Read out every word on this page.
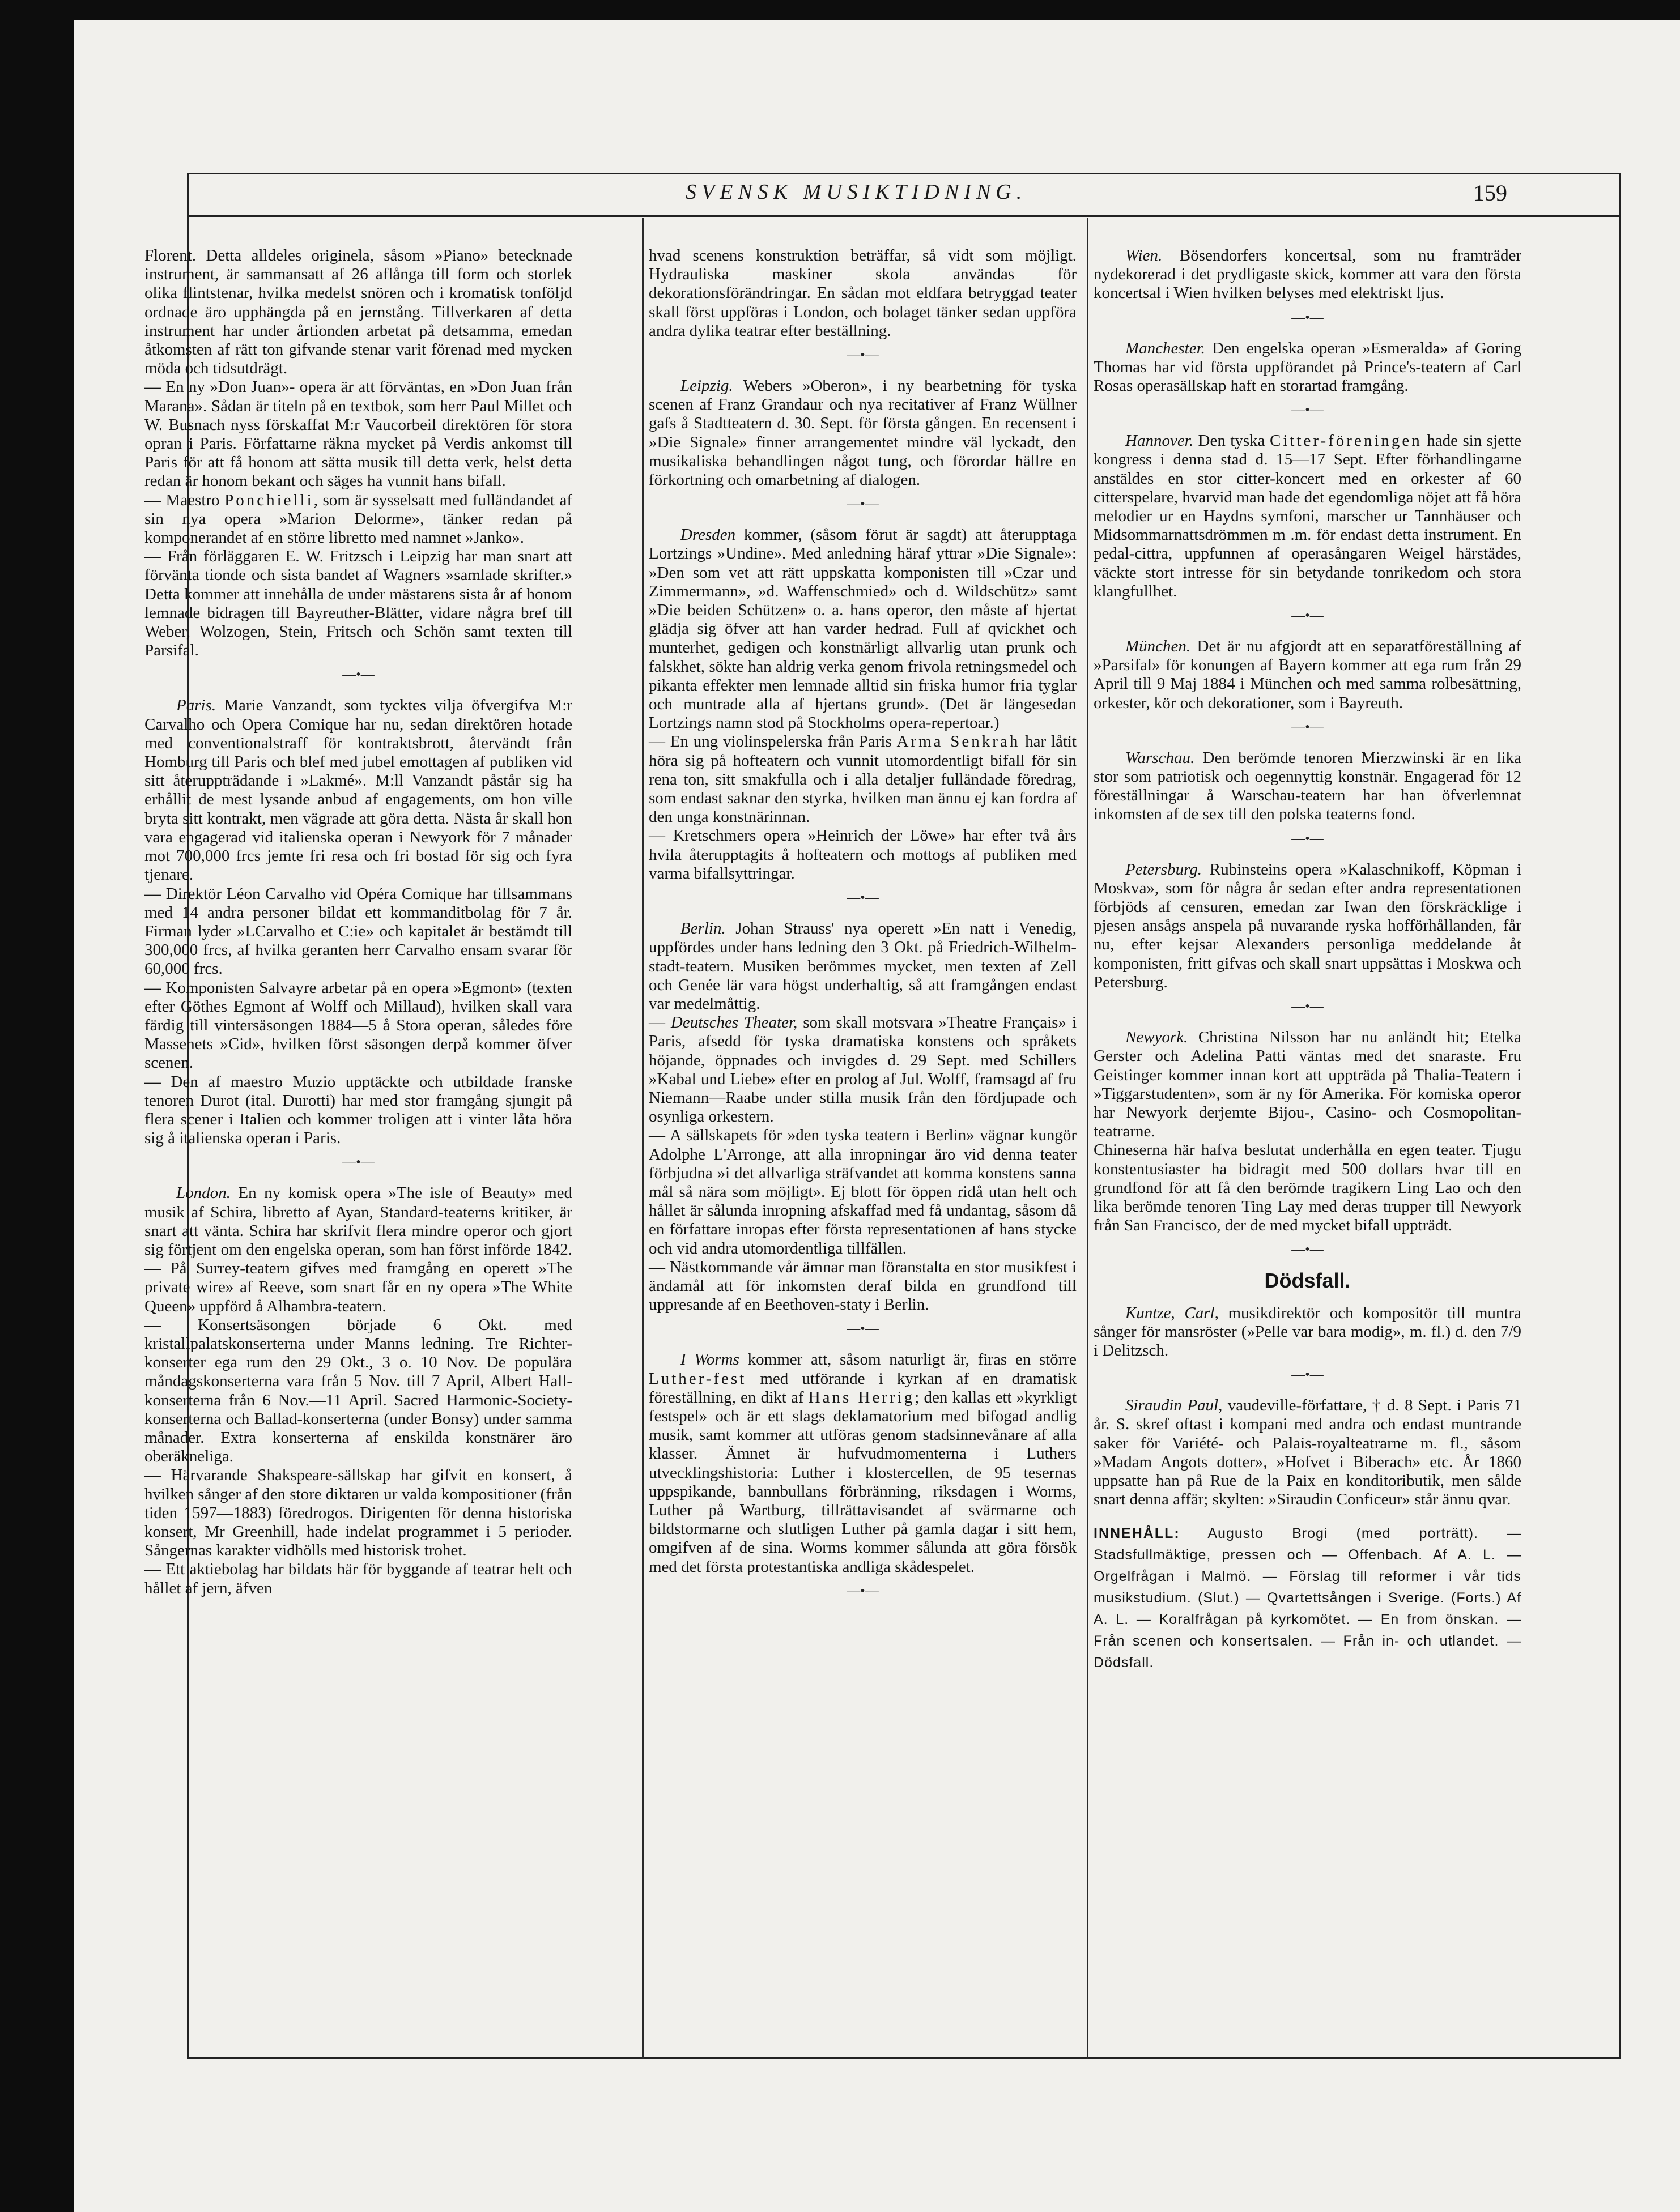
SVENSK MUSIKTIDNING.	159

Florent. Detta alldeles originela, såsom »Piano» betecknade instrument, är sammansatt af 26 aflånga till form och storlek olika flintstenar, hvilka medelst snören och i kromatisk tonföljd ordnade äro upphängda på en jernstång. Tillverkaren af detta instrument har under årtionden arbetat på detsamma, emedan åtkomsten af rätt ton gifvande stenar varit förenad med mycken möda och tidsutdrägt.

— En ny »Don Juan»- opera är att förväntas, en »Don Juan från Marana». Sådan är titeln på en textbok, som herr Paul Millet och W. Busnach nyss förskaffat M:r Vaucorbeil direktören för stora opran i Paris. Författarne räkna mycket på Verdis ankomst till Paris för att få honom att sätta musik till detta verk, helst detta redan är honom bekant och säges ha vunnit hans bifall.

— Maestro Ponchielli, som är sysselsatt med fulländandet af sin nya opera »Marion Delorme», tänker redan på komponerandet af en större libretto med namnet »Janko».

— Från förläggaren E. W. Fritzsch i Leipzig har man snart att förvänta tionde och sista bandet af Wagners »samlade skrifter.» Detta kommer att innehålla de under mästarens sista år af honom lemnade bidragen till Bayreuther-Blätter, vidare några bref till Weber, Wolzogen, Stein, Fritsch och Schön samt texten till Parsifal.

—•—

Paris. Marie Vanzandt, som tycktes vilja öfvergifva M:r Carvalho och Opera Comique har nu, sedan direktören hotade med conventionalstraff för kontraktsbrott, återvändt från Homburg till Paris och blef med jubel emottagen af publiken vid sitt återuppträdande i »Lakmé». M:ll Vanzandt påstår sig ha erhållit de mest lysande anbud af engagements, om hon ville bryta sitt kontrakt, men vägrade att göra detta. Nästa år skall hon vara engagerad vid italienska operan i Newyork för 7 månader mot 700,000 frcs jemte fri resa och fri bostad för sig och fyra tjenare.

— Direktör Léon Carvalho vid Opéra Comique har tillsammans med 14 andra personer bildat ett kommanditbolag för 7 år. Firman lyder »LCarvalho et C:ie» och kapitalet är bestämdt till 300,000 frcs, af hvilka geranten herr Carvalho ensam svarar för 60,000 frcs.

— Komponisten Salvayre arbetar på en opera »Egmont» (texten efter Göthes Egmont af Wolff och Millaud), hvilken skall vara färdig till vintersäsongen 1884—5 å Stora operan, således före Massenets »Cid», hvilken först säsongen derpå kommer öfver scenen.

— Den af maestro Muzio upptäckte och utbildade franske tenoren Durot (ital. Durotti) har med stor framgång sjungit på flera scener i Italien och kommer troligen att i vinter låta höra sig å italienska operan i Paris.

—•—

London. En ny komisk opera »The isle of Beauty» med musik af Schira, libretto af Ayan, Standard-teaterns kritiker, är snart att vänta. Schira har skrifvit flera mindre operor och gjort sig förtjent om den engelska operan, som han först införde 1842. — På Surrey-teatern gifves med framgång en operett »The private wire» af Reeve, som snart får en ny opera »The White Queen» uppförd å Alhambra-teatern.

— Konsertsäsongen började 6 Okt. med kristallpalatskonserterna under Manns ledning. Tre Richter-konserter ega rum den 29 Okt., 3 o. 10 Nov. De populära måndagskonserterna vara från 5 Nov. till 7 April, Albert Hall-konserterna från 6 Nov.—11 April. Sacred Harmonic-Society-konserterna och Ballad-konserterna (under Bonsy) under samma månader. Extra konserterna af enskilda konstnärer äro oberäkneliga.

— Härvarande Shakspeare-sällskap har gifvit en konsert, å hvilken sånger af den store diktaren ur valda kompositioner (från tiden 1597—1883) föredrogos. Dirigenten för denna historiska konsert, Mr Greenhill, hade indelat programmet i 5 perioder. Sångernas karakter vidhölls med historisk trohet.

— Ett aktiebolag har bildats här för byggande af teatrar helt och hållet af jern, äfven

hvad scenens konstruktion beträffar, så vidt som möjligt. Hydrauliska maskiner skola användas för dekorationsförändringar. En sådan mot eldfara betryggad teater skall först uppföras i London, och bolaget tänker sedan uppföra andra dylika teatrar efter beställning.

—•—

Leipzig. Webers »Oberon», i ny bearbetning för tyska scenen af Franz Grandaur och nya recitativer af Franz Wüllner gafs å Stadtteatern d. 30. Sept. för första gången. En recensent i »Die Signale» finner arrangementet mindre väl lyckadt, den musikaliska behandlingen något tung, och förordar hällre en förkortning och omarbetning af dialogen.

—•—

Dresden kommer, (såsom förut är sagdt) att återupptaga Lortzings »Undine». Med anledning häraf yttrar »Die Signale»: »Den som vet att rätt uppskatta komponisten till »Czar und Zimmermann», »d. Waffenschmied» och d. Wildschütz» samt »Die beiden Schützen» o. a. hans operor, den måste af hjertat glädja sig öfver att han varder hedrad. Full af qvickhet och munterhet, gedigen och konstnärligt allvarlig utan prunk och falskhet, sökte han aldrig verka genom frivola retningsmedel och pikanta effekter men lemnade alltid sin friska humor fria tyglar och muntrade alla af hjertans grund». (Det är längesedan Lortzings namn stod på Stockholms opera-repertoar.)

— En ung violinspelerska från Paris Arma Senkrah har låtit höra sig på hofteatern och vunnit utomordentligt bifall för sin rena ton, sitt smakfulla och i alla detaljer fulländade föredrag, som endast saknar den styrka, hvilken man ännu ej kan fordra af den unga konstnärinnan.

— Kretschmers opera »Heinrich der Löwe» har efter två års hvila återupptagits å hofteatern och mottogs af publiken med varma bifallsyttringar.

—•—

Berlin. Johan Strauss' nya operett »En natt i Venedig, uppfördes under hans ledning den 3 Okt. på Friedrich-Wilhelm-stadt-teatern. Musiken berömmes mycket, men texten af Zell och Genée lär vara högst underhaltig, så att framgången endast var medelmåttig.

— Deutsches Theater, som skall motsvara »Theatre Français» i Paris, afsedd för tyska dramatiska konstens och språkets höjande, öppnades och invigdes d. 29 Sept. med Schillers »Kabal und Liebe» efter en prolog af Jul. Wolff, framsagd af fru Niemann—Raabe under stilla musik från den fördjupade och osynliga orkestern.

— A sällskapets för »den tyska teatern i Berlin» vägnar kungör Adolphe L'Arronge, att alla inropningar äro vid denna teater förbjudna »i det allvarliga sträfvandet att komma konstens sanna mål så nära som möjligt». Ej blott för öppen ridå utan helt och hållet är sålunda inropning afskaffad med få undantag, såsom då en författare inropas efter första representationen af hans stycke och vid andra utomordentliga tillfällen.

— Nästkommande vår ämnar man föranstalta en stor musikfest i ändamål att för inkomsten deraf bilda en grundfond till uppresande af en Beethoven-staty i Berlin.

—•—

I Worms kommer att, såsom naturligt är, firas en större Luther-fest med utförande i kyrkan af en dramatisk föreställning, en dikt af Hans Herrig; den kallas ett »kyrkligt festspel» och är ett slags deklamatorium med bifogad andlig musik, samt kommer att utföras genom stadsinnevånare af alla klasser. Ämnet är hufvudmomenterna i Luthers utvecklingshistoria: Luther i klostercellen, de 95 tesernas uppspikande, bannbullans förbränning, riksdagen i Worms, Luther på Wartburg, tillrättavisandet af svärmarne och bildstormarne och slutligen Luther på gamla dagar i sitt hem, omgifven af de sina. Worms kommer sålunda att göra försök med det första protestantiska andliga skådespelet.

—•—

Wien. Bösendorfers koncertsal, som nu framträder nydekorerad i det prydligaste skick, kommer att vara den första koncertsal i Wien hvilken belyses med elektriskt ljus.

—•—

Manchester. Den engelska operan »Esmeralda» af Goring Thomas har vid första uppförandet på Prince's-teatern af Carl Rosas operasällskap haft en storartad framgång.

—•—

Hannover. Den tyska Citter-föreningen hade sin sjette kongress i denna stad d. 15—17 Sept. Efter förhandlingarne anstäldes en stor citter-koncert med en orkester af 60 citterspelare, hvarvid man hade det egendomliga nöjet att få höra melodier ur en Haydns symfoni, marscher ur Tannhäuser och Midsommarnattsdrömmen m .m. för endast detta instrument. En pedal-cittra, uppfunnen af operasångaren Weigel härstädes, väckte stort intresse för sin betydande tonrikedom och stora klangfullhet.

—•—

München. Det är nu afgjordt att en separatföreställning af »Parsifal» för konungen af Bayern kommer att ega rum från 29 April till 9 Maj 1884 i München och med samma rolbesättning, orkester, kör och dekorationer, som i Bayreuth.

—•—

Warschau. Den berömde tenoren Mierzwinski är en lika stor som patriotisk och oegennyttig konstnär. Engagerad för 12 föreställningar å Warschau-teatern har han öfverlemnat inkomsten af de sex till den polska teaterns fond.

—•—

Petersburg. Rubinsteins opera »Kalaschnikoff, Köpman i Moskva», som för några år sedan efter andra representationen förbjöds af censuren, emedan zar Iwan den förskräcklige i pjesen ansågs anspela på nuvarande ryska hofförhållanden, får nu, efter kejsar Alexanders personliga meddelande åt komponisten, fritt gifvas och skall snart uppsättas i Moskwa och Petersburg.

—•—

Newyork. Christina Nilsson har nu anländt hit; Etelka Gerster och Adelina Patti väntas med det snaraste. Fru Geistinger kommer innan kort att uppträda på Thalia-Teatern i »Tiggarstudenten», som är ny för Amerika. För komiska operor har Newyork derjemte Bijou-, Casino- och Cosmopolitan-teatrarne.

Chineserna här hafva beslutat underhålla en egen teater. Tjugu konstentusiaster ha bidragit med 500 dollars hvar till en grundfond för att få den berömde tragikern Ling Lao och den lika berömde tenoren Ting Lay med deras trupper till Newyork från San Francisco, der de med mycket bifall uppträdt.

—•—
Dödsfall.

Kuntze, Carl, musikdirektör och kompositör till muntra sånger för mansröster (»Pelle var bara modig», m. fl.) d. den 7/9 i Delitzsch.

—•—

Siraudin Paul, vaudeville-författare, † d. 8 Sept. i Paris 71 år. S. skref oftast i kompani med andra och endast muntrande saker för Variété- och Palais-royalteatrarne m. fl., såsom »Madam Angots dotter», »Hofvet i Biberach» etc. År 1860 uppsatte han på Rue de la Paix en konditoributik, men sålde snart denna affär; skylten: »Siraudin Conficeur» står ännu qvar.

INNEHÅLL: Augusto Brogi (med porträtt). — Stadsfullmäktige, pressen och — Offenbach. Af A. L. — Orgelfrågan i Malmö. — Förslag till reformer i vår tids musikstudium. (Slut.) — Qvartettsången i Sverige. (Forts.) Af A. L. — Koralfrågan på kyrkomötet. — En from önskan. — Från scenen och konsertsalen. — Från in- och utlandet. — Dödsfall.
